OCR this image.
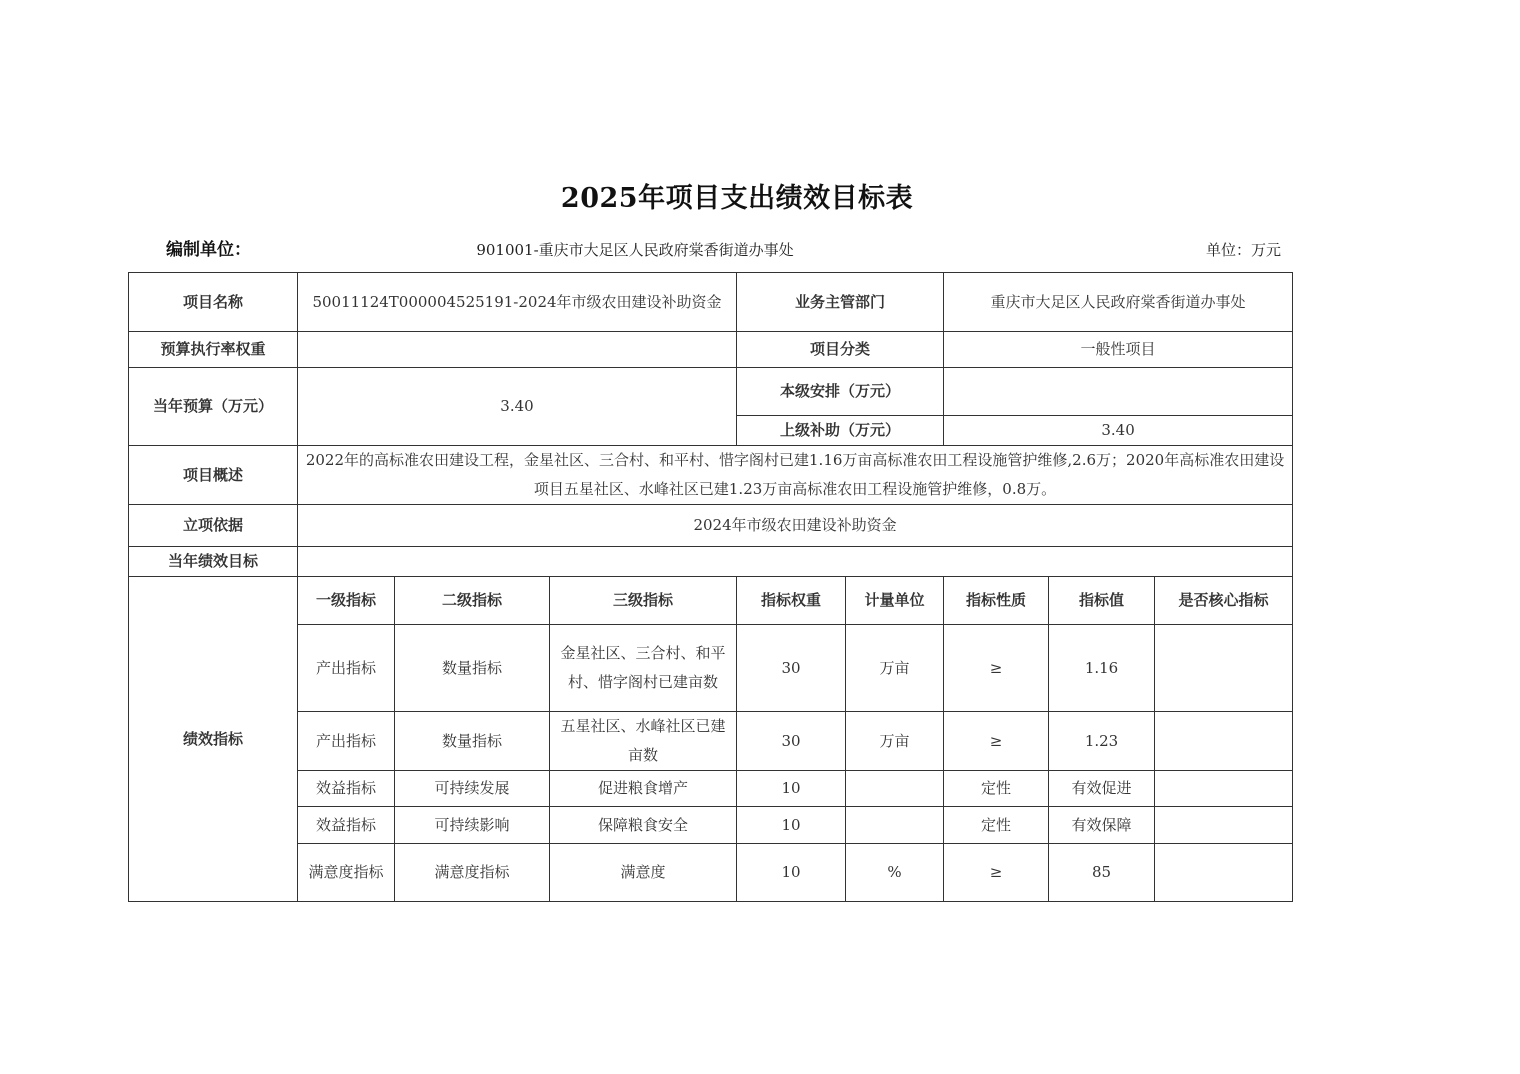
2025年项目支出绩效目标表
编制单位：	901001-重庆市大足区人民政府棠香街道办事处	单位：万元
项目名称	50011124T000004525191-2024年市级农田建设补助资金			业务主管部门		重庆市大足区人民政府棠香街道办事处		
预算执行率权重				项目分类		一般性项目		
当年预算（万元）	3.40			本级安排（万元）				
				上级补助（万元）		3.40		
项目概述	2022年的高标准农田建设工程，金星社区、三合村、和平村、惜字阁村已建1.16万亩高标准农田工程设施管护维修,2.6万；2020年高标准农田建设项目五星社区、水峰社区已建1.23万亩高标准农田工程设施管护维修，0.8万。							
立项依据	2024年市级农田建设补助资金							
当年绩效目标								
绩效指标	一级指标	二级指标	三级指标	指标权重	计量单位	指标性质	指标值	是否核心指标
	产出指标	数量指标	金星社区、三合村、和平村、惜字阁村已建亩数	30	万亩	≥	1.16	
	产出指标	数量指标	五星社区、水峰社区已建亩数	30	万亩	≥	1.23	
	效益指标	可持续发展	促进粮食增产	10		定性	有效促进	
	效益指标	可持续影响	保障粮食安全	10		定性	有效保障	
	满意度指标	满意度指标	满意度	10	%	≥	85	
